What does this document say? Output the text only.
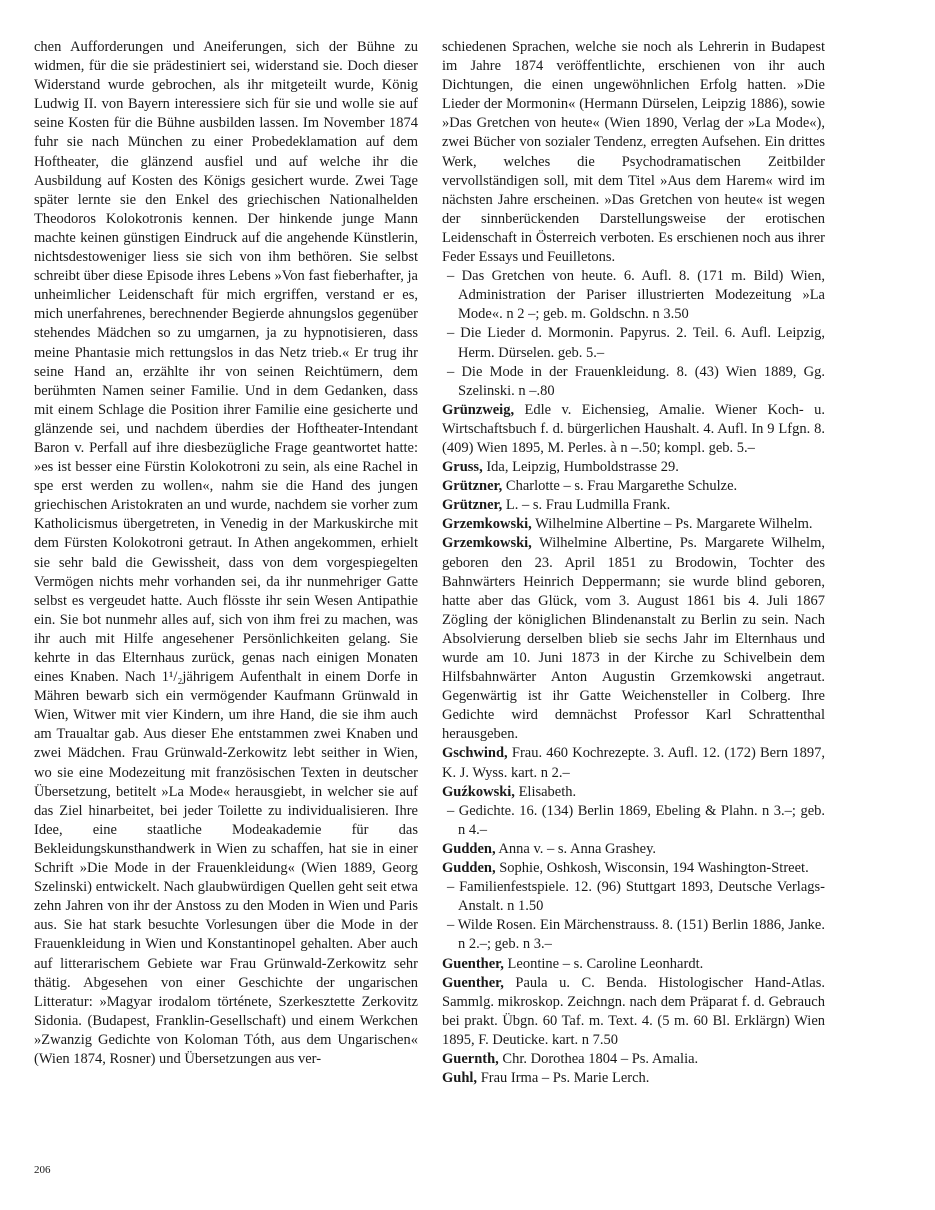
chen Aufforderungen und Aneiferungen, sich der Bühne zu widmen, für die sie prädestiniert sei, widerstand sie. Doch dieser Widerstand wurde gebrochen, als ihr mitgeteilt wurde, König Ludwig II. von Bayern interessiere sich für sie und wolle sie auf seine Kosten für die Bühne ausbilden lassen. Im November 1874 fuhr sie nach München zu einer Probedeklamation auf dem Hoftheater, die glänzend ausfiel und auf welche ihr die Ausbildung auf Kosten des Königs gesichert wurde. Zwei Tage später lernte sie den Enkel des griechischen Nationalhelden Theodoros Kolokotronis kennen. Der hinkende junge Mann machte keinen günstigen Eindruck auf die angehende Künstlerin, nichtsdestoweniger liess sie sich von ihm bethören. Sie selbst schreibt über diese Episode ihres Lebens »Von fast fieberhafter, ja unheimlicher Leidenschaft für mich ergriffen, verstand er es, mich unerfahrenes, berechnender Begierde ahnungslos gegenüber stehendes Mädchen so zu umgarnen, ja zu hypnotisieren, dass meine Phantasie mich rettungslos in das Netz trieb.« Er trug ihr seine Hand an, erzählte ihr von seinen Reichtümern, dem berühmten Namen seiner Familie. Und in dem Gedanken, dass mit einem Schlage die Position ihrer Familie eine gesicherte und glänzende sei, und nachdem überdies der Hoftheater-Intendant Baron v. Perfall auf ihre diesbezügliche Frage geantwortet hatte: »es ist besser eine Fürstin Kolokotroni zu sein, als eine Rachel in spe erst werden zu wollen«, nahm sie die Hand des jungen griechischen Aristokraten an und wurde, nachdem sie vorher zum Katholicismus übergetreten, in Venedig in der Markuskirche mit dem Fürsten Kolokotroni getraut. In Athen angekommen, erhielt sie sehr bald die Gewissheit, dass von dem vorgespiegelten Vermögen nichts mehr vorhanden sei, da ihr nunmehriger Gatte selbst es vergeudet hatte. Auch flösste ihr sein Wesen Antipathie ein. Sie bot nunmehr alles auf, sich von ihm frei zu machen, was ihr auch mit Hilfe angesehener Persönlichkeiten gelang. Sie kehrte in das Elternhaus zurück, genas nach einigen Monaten eines Knaben. Nach 1¹/₂jährigem Aufenthalt in einem Dorfe in Mähren bewarb sich ein vermögender Kaufmann Grünwald in Wien, Witwer mit vier Kindern, um ihre Hand, die sie ihm auch am Traualtar gab. Aus dieser Ehe entstammen zwei Knaben und zwei Mädchen. Frau Grünwald-Zerkowitz lebt seither in Wien, wo sie eine Modezeitung mit französischen Texten in deutscher Übersetzung, betitelt »La Mode« herausgiebt, in welcher sie auf das Ziel hinarbeitet, bei jeder Toilette zu individualisieren. Ihre Idee, eine staatliche Modeakademie für das Bekleidungskunsthandwerk in Wien zu schaffen, hat sie in einer Schrift »Die Mode in der Frauenkleidung« (Wien 1889, Georg Szelinski) entwickelt. Nach glaubwürdigen Quellen geht seit etwa zehn Jahren von ihr der Anstoss zu den Moden in Wien und Paris aus. Sie hat stark besuchte Vorlesungen über die Mode in der Frauenkleidung in Wien und Konstantinopel gehalten. Aber auch auf litterarischem Gebiete war Frau Grünwald-Zerkowitz sehr thätig. Abgesehen von einer Geschichte der ungarischen Litteratur: »Magyar irodalom története, Szerkesztette Zerkovitz Sidonia. (Budapest, Franklin-Gesellschaft) und einem Werkchen »Zwanzig Gedichte von Koloman Tóth, aus dem Ungarischen« (Wien 1874, Rosner) und Übersetzungen aus ver-

schiedenen Sprachen, welche sie noch als Lehrerin in Budapest im Jahre 1874 veröffentlichte, erschienen von ihr auch Dichtungen, die einen ungewöhnlichen Erfolg hatten. »Die Lieder der Mormonin« (Hermann Dürselen, Leipzig 1886), sowie »Das Gretchen von heute« (Wien 1890, Verlag der »La Mode«), zwei Bücher von sozialer Tendenz, erregten Aufsehen. Ein drittes Werk, welches die Psychodramatischen Zeitbilder vervollständigen soll, mit dem Titel »Aus dem Harem« wird im nächsten Jahre erscheinen. »Das Gretchen von heute« ist wegen der sinnberückenden Darstellungsweise der erotischen Leidenschaft in Österreich verboten. Es erschienen noch aus ihrer Feder Essays und Feuilletons.

– Das Gretchen von heute. 6. Aufl. 8. (171 m. Bild) Wien, Administration der Pariser illustrierten Modezeitung »La Mode«. n 2 –; geb. m. Goldschn. n 3.50
– Die Lieder d. Mormonin. Papyrus. 2. Teil. 6. Aufl. Leipzig, Herm. Dürselen. geb. 5.–
– Die Mode in der Frauenkleidung. 8. (43) Wien 1889, Gg. Szelinski. n –.80
Grünzweig, Edle v. Eichensieg, Amalie. Wiener Koch- u. Wirtschaftsbuch f. d. bürgerlichen Haushalt. 4. Aufl. In 9 Lfgn. 8. (409) Wien 1895, M. Perles. à n –.50; kompl. geb. 5.–
Gruss, Ida, Leipzig, Humboldstrasse 29.
Grützner, Charlotte – s. Frau Margarethe Schulze.
Grützner, L. – s. Frau Ludmilla Frank.
Grzemkowski, Wilhelmine Albertine – Ps. Margarete Wilhelm.
Grzemkowski, Wilhelmine Albertine, Ps. Margarete Wilhelm, geboren den 23. April 1851 zu Brodowin, Tochter des Bahnwärters Heinrich Deppermann; sie wurde blind geboren, hatte aber das Glück, vom 3. August 1861 bis 4. Juli 1867 Zögling der königlichen Blindenanstalt zu Berlin zu sein. Nach Absolvierung derselben blieb sie sechs Jahr im Elternhaus und wurde am 10. Juni 1873 in der Kirche zu Schivelbein dem Hilfsbahnwärter Anton Augustin Grzemkowski angetraut. Gegenwärtig ist ihr Gatte Weichensteller in Colberg. Ihre Gedichte wird demnächst Professor Karl Schrattenthal herausgeben.
Gschwind, Frau. 460 Kochrezepte. 3. Aufl. 12. (172) Bern 1897, K. J. Wyss. kart. n 2.–
Guźkowski, Elisabeth.
– Gedichte. 16. (134) Berlin 1869, Ebeling & Plahn. n 3.–; geb. n 4.–
Gudden, Anna v. – s. Anna Grashey.
Gudden, Sophie, Oshkosh, Wisconsin, 194 Washington-Street.
– Familienfestspiele. 12. (96) Stuttgart 1893, Deutsche Verlags-Anstalt. n 1.50
– Wilde Rosen. Ein Märchenstrauss. 8. (151) Berlin 1886, Janke. n 2.–; geb. n 3.–
Guenther, Leontine – s. Caroline Leonhardt.
Guenther, Paula u. C. Benda. Histologischer Hand-Atlas. Sammlg. mikroskop. Zeichngn. nach dem Präparat f. d. Gebrauch bei prakt. Übgn. 60 Taf. m. Text. 4. (5 m. 60 Bl. Erklärgn) Wien 1895, F. Deuticke. kart. n 7.50
Guernth, Chr. Dorothea 1804 – Ps. Amalia.
Guhl, Frau Irma – Ps. Marie Lerch.
206
